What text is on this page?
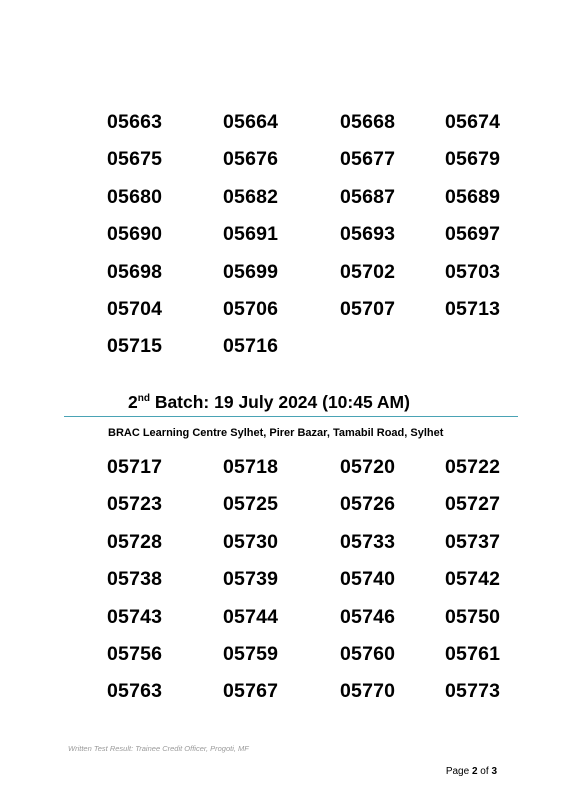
05663	05664	05668	05674
05675	05676	05677	05679
05680	05682	05687	05689
05690	05691	05693	05697
05698	05699	05702	05703
05704	05706	05707	05713
05715	05716
2nd Batch: 19 July 2024 (10:45 AM)
BRAC Learning Centre Sylhet, Pirer Bazar, Tamabil Road, Sylhet
05717	05718	05720	05722
05723	05725	05726	05727
05728	05730	05733	05737
05738	05739	05740	05742
05743	05744	05746	05750
05756	05759	05760	05761
05763	05767	05770	05773
Written Test Result: Trainee Credit Officer, Progoti, MF
Page 2 of 3
